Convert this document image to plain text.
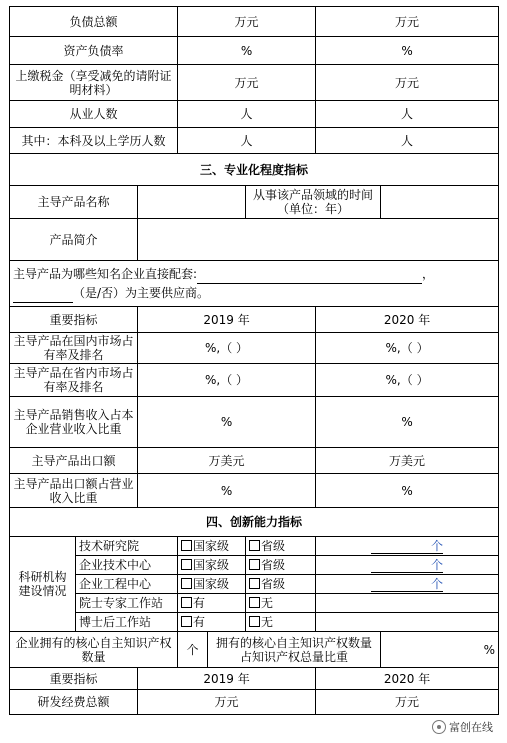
负债总额			万元			万元	
资产负债率			%			%	
上缴税金（享受减免的请附证明材料）			万元			万元	
从业人数			人			人	
其中：本科及以上学历人数			人			人	
三、专业化程度指标							
主导产品名称					从事该产品领域的时间（单位：年）		
产品简介							

主导产品为哪些知名企业直接配套: ，
（是/否）为主要供应商。							

重要指标		2019 年				2020 年	
主导产品在国内市场占有率及排名		%,（ ）				%,（ ）	
主导产品在省内市场占有率及排名		%,（ ）				%,（ ）	
主导产品销售收入占本企业营业收入比重		%				%	
主导产品出口额		万美元				万美元	
主导产品出口额占营业收入比重		%				%	
四、创新能力指标							
科研机构建设情况	技术研究院		国家级		省级	个	
	企业技术中心		国家级		省级	个	
	企业工程中心		国家级		省级	个	
	院士专家工作站		有		无		
	博士后工作站		有		无		
企业拥有的核心自主知识产权数量			个	拥有的核心自主知识产权数量占知识产权总量比重			%
重要指标		2019 年				2020 年	
研发经费总额		万元				万元	
富创在线
